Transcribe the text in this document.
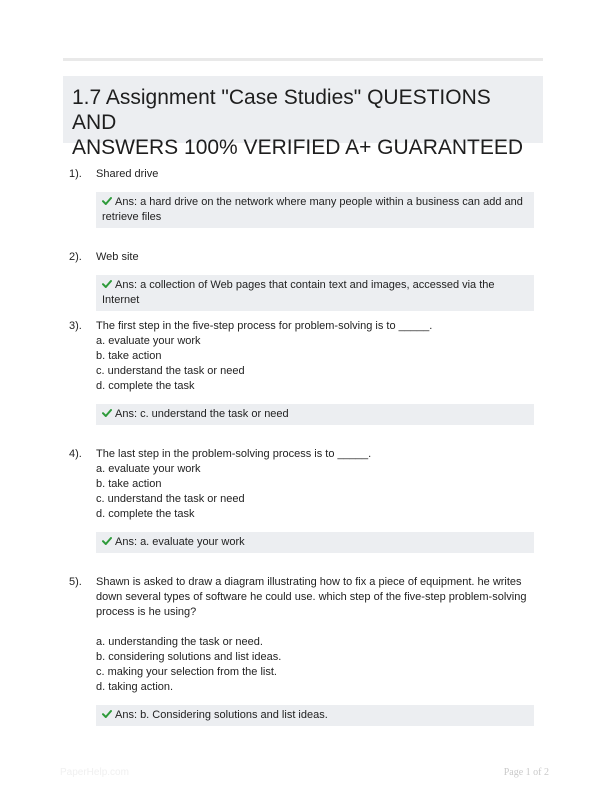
1.7 Assignment "Case Studies" QUESTIONS AND
ANSWERS 100% VERIFIED A+ GUARANTEED
1). Shared drive
Ans: a hard drive on the network where many people within a business can add and
retrieve files
2). Web site
Ans: a collection of Web pages that contain text and images, accessed via the Internet
3). The first step in the five-step process for problem-solving is to _____.
a. evaluate your work
b. take action
c. understand the task or need
d. complete the task
Ans: c. understand the task or need
4). The last step in the problem-solving process is to _____.
a. evaluate your work
b. take action
c. understand the task or need
d. complete the task
Ans: a. evaluate your work
5). Shawn is asked to draw a diagram illustrating how to fix a piece of equipment. he writes
down several types of software he could use. which step of the five-step problem-solving
process is he using?
a. understanding the task or need.
b. considering solutions and list ideas.
c. making your selection from the list.
d. taking action.
Ans: b. Considering solutions and list ideas.
PaperHelp.com	Page 1 of 2
